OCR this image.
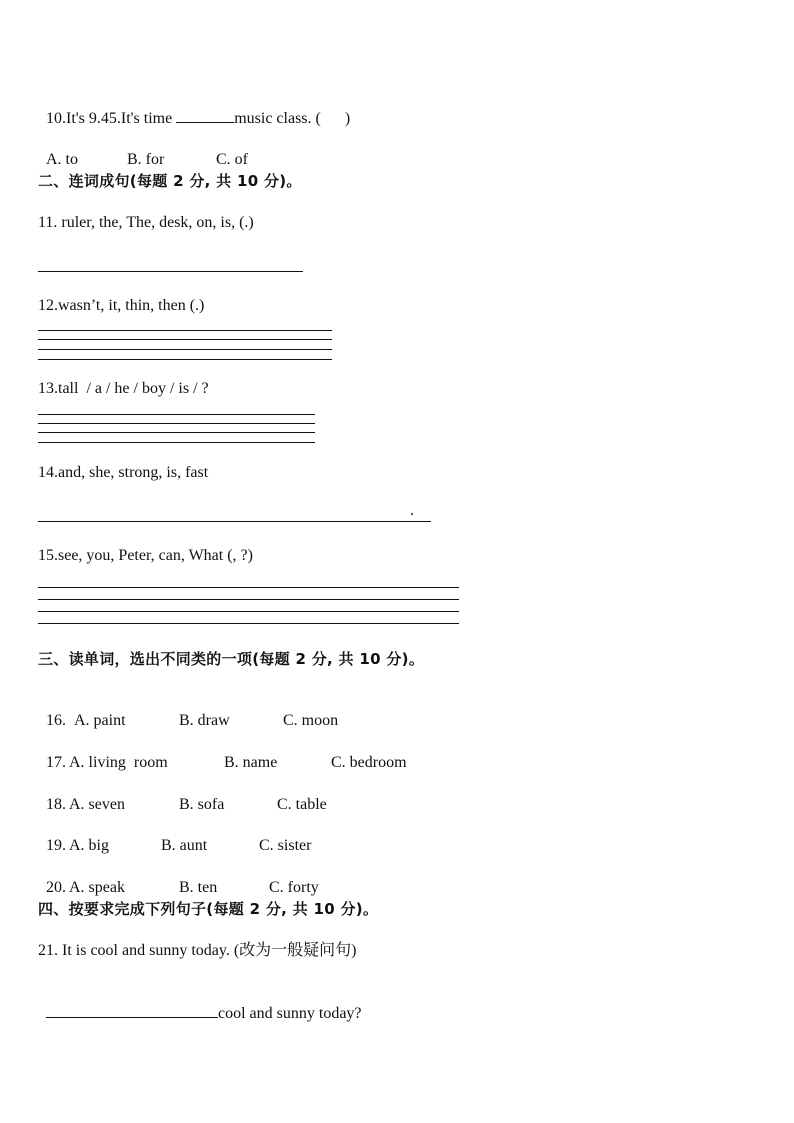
10.It's 9.45.It's time	music class. (      )

A. to	B. for	C. of

二、连词成句(每题 2 分, 共 10 分)。
11. ruler, the, The, desk, on, is, (.)
12.wasn’t, it, thin, then (.)
13.tall  / a / he / boy / is / ?
14.and, she, strong, is, fast
.
15.see, you, Peter, can, What (, ?)
三、读单词，选出不同类的一项(每题 2 分, 共 10 分)。

16. A. paint	B. draw	C. moon

17. A. living  room	B. name	C. bedroom

18. A. seven	B. sofa	C. table

19. A. big	B. aunt	C. sister

20. A. speak	B. ten	C. forty

四、按要求完成下列句子(每题 2 分, 共 10 分)。
21. It is cool and sunny today. (改为一般疑问句)

cool and sunny today?
